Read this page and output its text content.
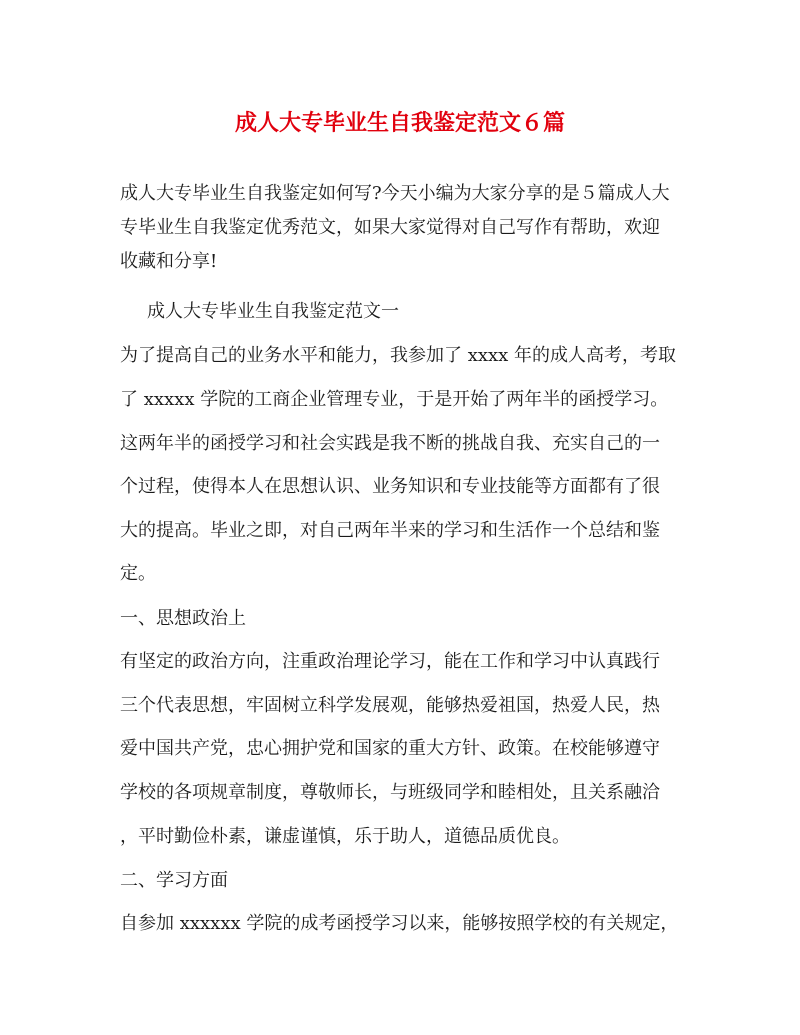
成人大专毕业生自我鉴定范文６篇

成人大专毕业生自我鉴定如何写?今天小编为大家分享的是５篇成人大

专毕业生自我鉴定优秀范文，如果大家觉得对自己写作有帮助，欢迎

收藏和分享!

成人大专毕业生自我鉴定范文一

为了提高自己的业务水平和能力，我参加了 xxxx 年的成人高考，考取

了 xxxxx 学院的工商企业管理专业，于是开始了两年半的函授学习。

这两年半的函授学习和社会实践是我不断的挑战自我、充实自己的一

个过程，使得本人在思想认识、业务知识和专业技能等方面都有了很

大的提高。毕业之即，对自己两年半来的学习和生活作一个总结和鉴

定。

一、思想政治上

有坚定的政治方向，注重政治理论学习，能在工作和学习中认真践行

三个代表思想，牢固树立科学发展观，能够热爱祖国，热爱人民，热

爱中国共产党，忠心拥护党和国家的重大方针、政策。在校能够遵守

学校的各项规章制度，尊敬师长，与班级同学和睦相处，且关系融洽

，平时勤俭朴素，谦虚谨慎，乐于助人，道德品质优良。

二、学习方面

自参加 xxxxxx 学院的成考函授学习以来，能够按照学校的有关规定，
